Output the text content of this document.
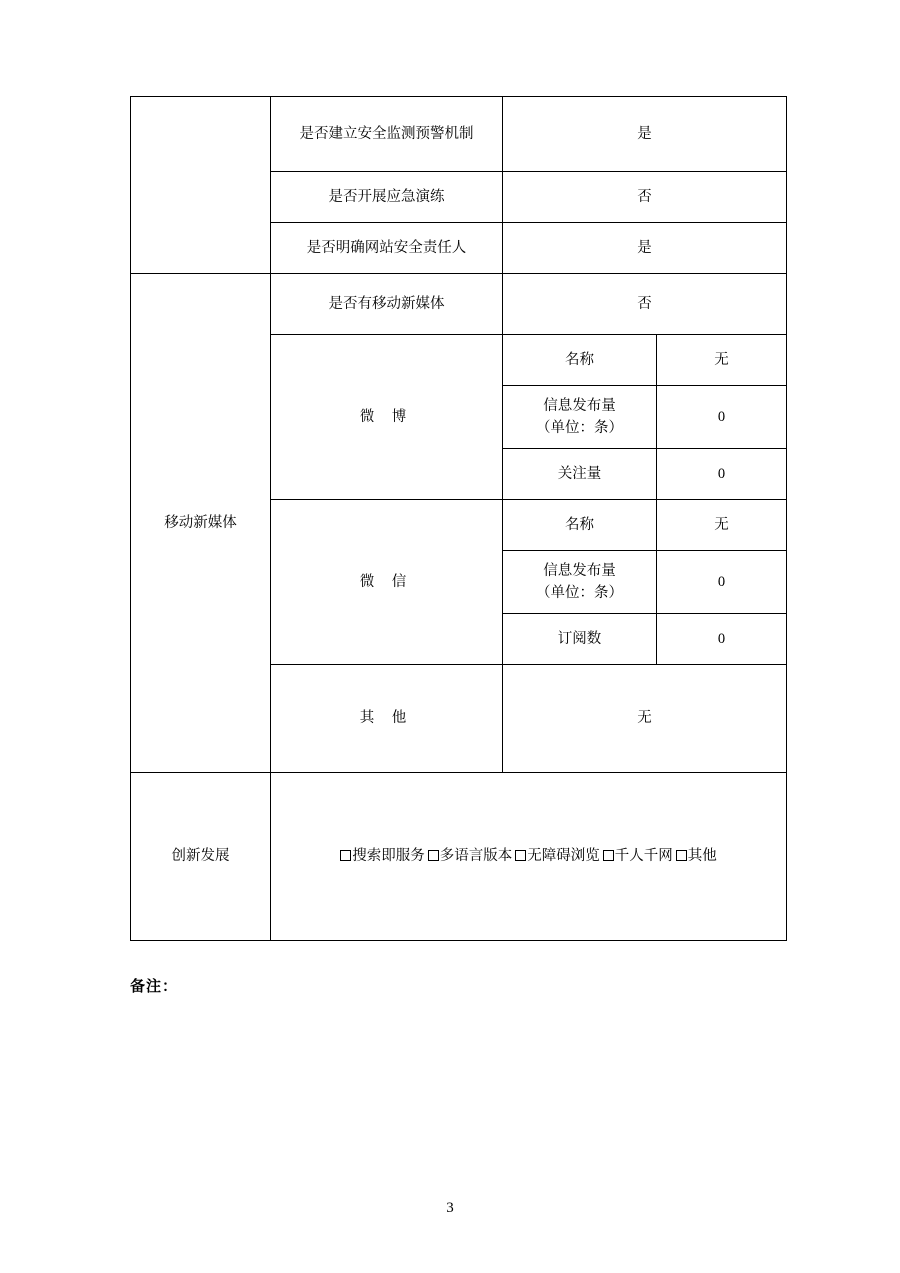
	是否建立安全监测预警机制	是	
	是否开展应急演练	否	
	是否明确网站安全责任人	是	
移动新媒体	是否有移动新媒体	否	
	微 博	名称	无

		信息发布量
（单位：条）	0
		关注量	0
	微 信	名称	无

		信息发布量
（单位：条）	0
		订阅数	0
	其 他	无	
创新发展	搜索即服务 多语言版本 无障碍浏览 千人千网 其他		
备注：
3
